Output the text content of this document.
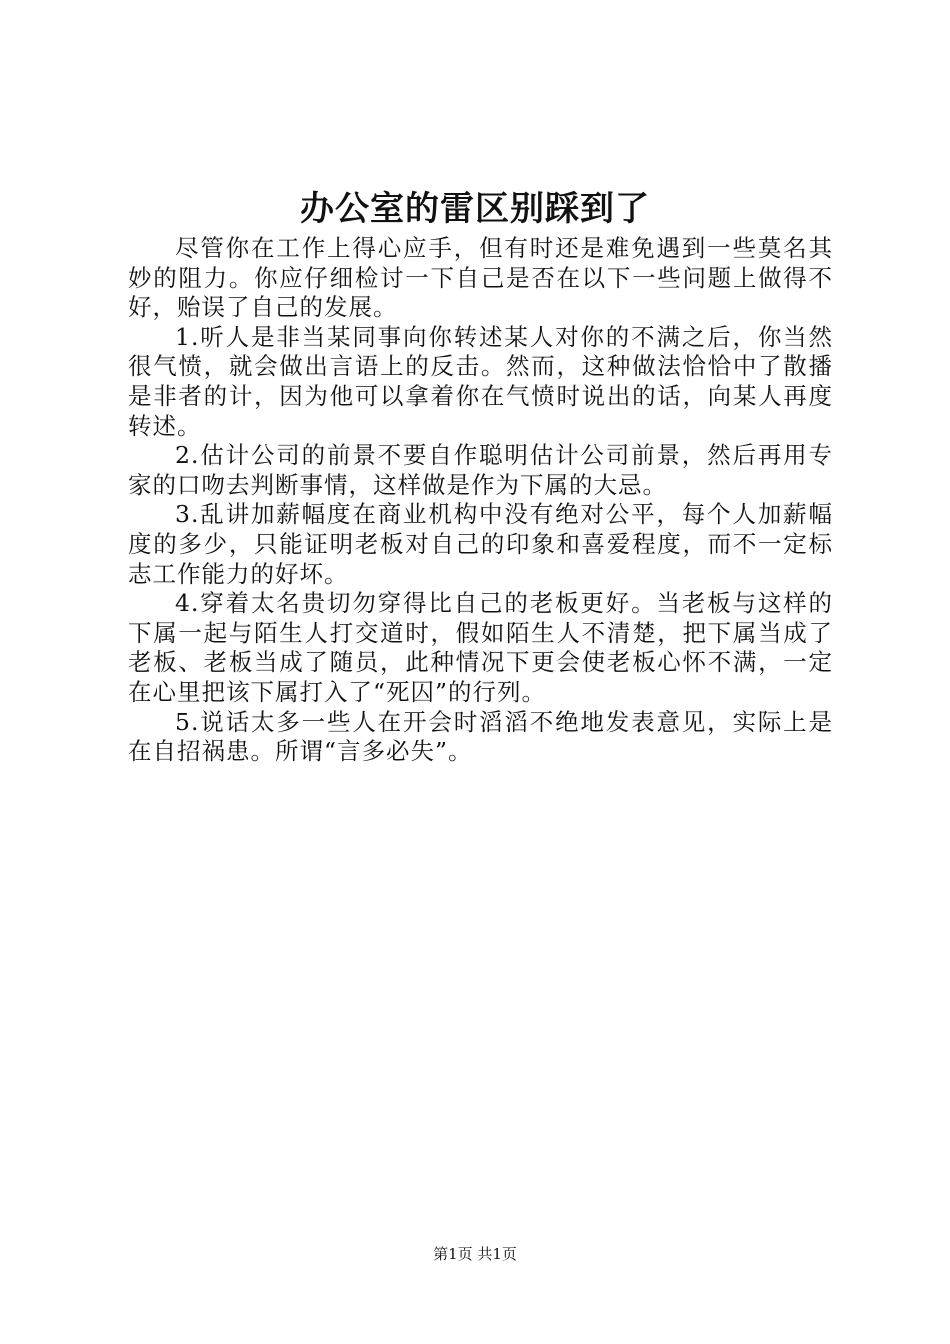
办公室的雷区别踩到了

尽管你在工作上得心应手，但有时还是难免遇到一些莫名其妙的阻力。你应仔细检讨一下自己是否在以下一些问题上做得不好，贻误了自己的发展。

1.听人是非当某同事向你转述某人对你的不满之后，你当然很气愤，就会做出言语上的反击。然而，这种做法恰恰中了散播是非者的计，因为他可以拿着你在气愤时说出的话，向某人再度转述。

2.估计公司的前景不要自作聪明估计公司前景，然后再用专家的口吻去判断事情，这样做是作为下属的大忌。

3.乱讲加薪幅度在商业机构中没有绝对公平，每个人加薪幅度的多少，只能证明老板对自己的印象和喜爱程度，而不一定标志工作能力的好坏。

4.穿着太名贵切勿穿得比自己的老板更好。当老板与这样的下属一起与陌生人打交道时，假如陌生人不清楚，把下属当成了老板、老板当成了随员，此种情况下更会使老板心怀不满，一定在心里把该下属打入了“死囚”的行列。

5.说话太多一些人在开会时滔滔不绝地发表意见，实际上是在自招祸患。所谓“言多必失”。

第1页 共1页
